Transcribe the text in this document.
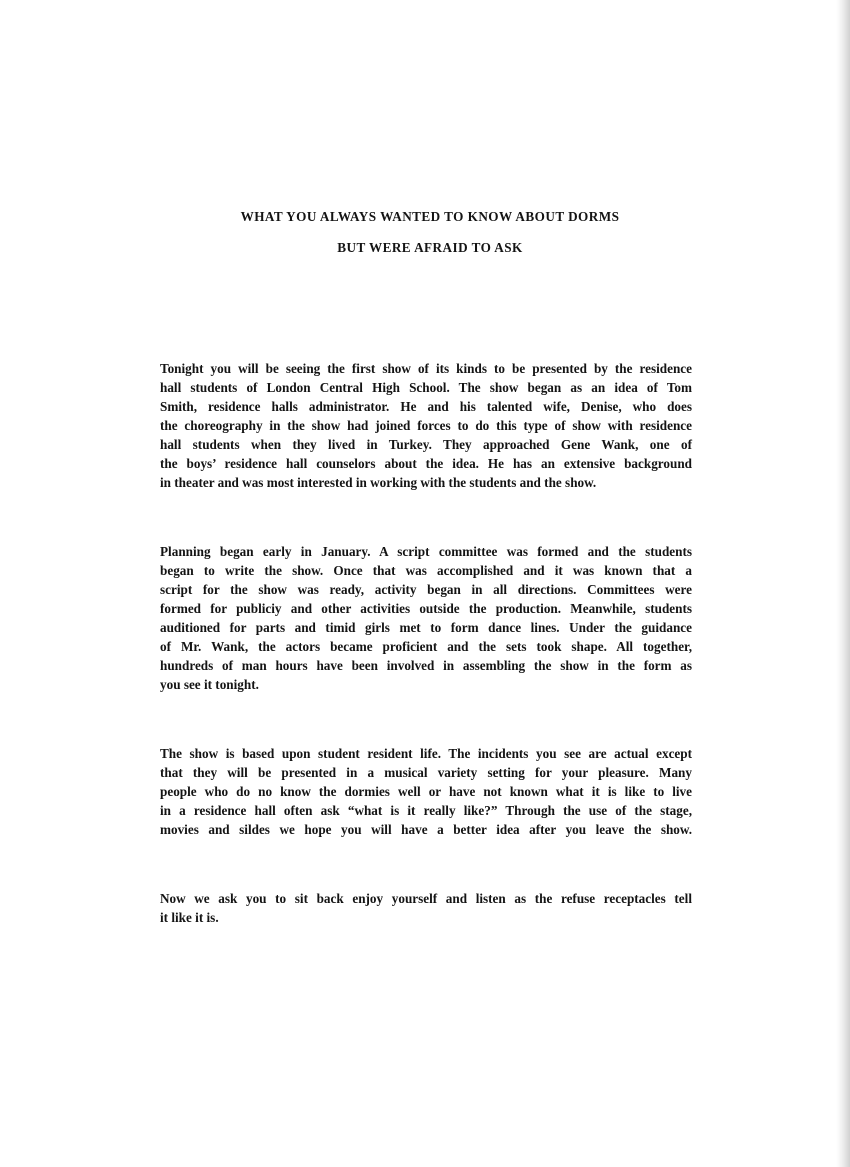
WHAT YOU ALWAYS WANTED TO KNOW ABOUT DORMS
BUT WERE AFRAID TO ASK
Tonight you will be seeing the first show of its kinds to be presented by the residence
hall students of London Central High School. The show began as an idea of Tom
Smith, residence halls administrator. He and his talented wife, Denise, who does
the choreography in the show had joined forces to do this type of show with residence
hall students when they lived in Turkey. They approached Gene Wank, one of
the boys’ residence hall counselors about the idea. He has an extensive background
in theater and was most interested in working with the students and the show.
Planning began early in January. A script committee was formed and the students
began to write the show. Once that was accomplished and it was known that a
script for the show was ready, activity began in all directions. Committees were
formed for publiciy and other activities outside the production. Meanwhile, students
auditioned for parts and timid girls met to form dance lines. Under the guidance
of Mr. Wank, the actors became proficient and the sets took shape. All together,
hundreds of man hours have been involved in assembling the show in the form as
you see it tonight.
The show is based upon student resident life. The incidents you see are actual except
that they will be presented in a musical variety setting for your pleasure. Many
people who do no know the dormies well or have not known what it is like to live
in a residence hall often ask “what is it really like?” Through the use of the stage,
movies and sildes we hope you will have a better idea after you leave the show.
Now we ask you to sit back enjoy yourself and listen as the refuse receptacles tell
it like it is.
